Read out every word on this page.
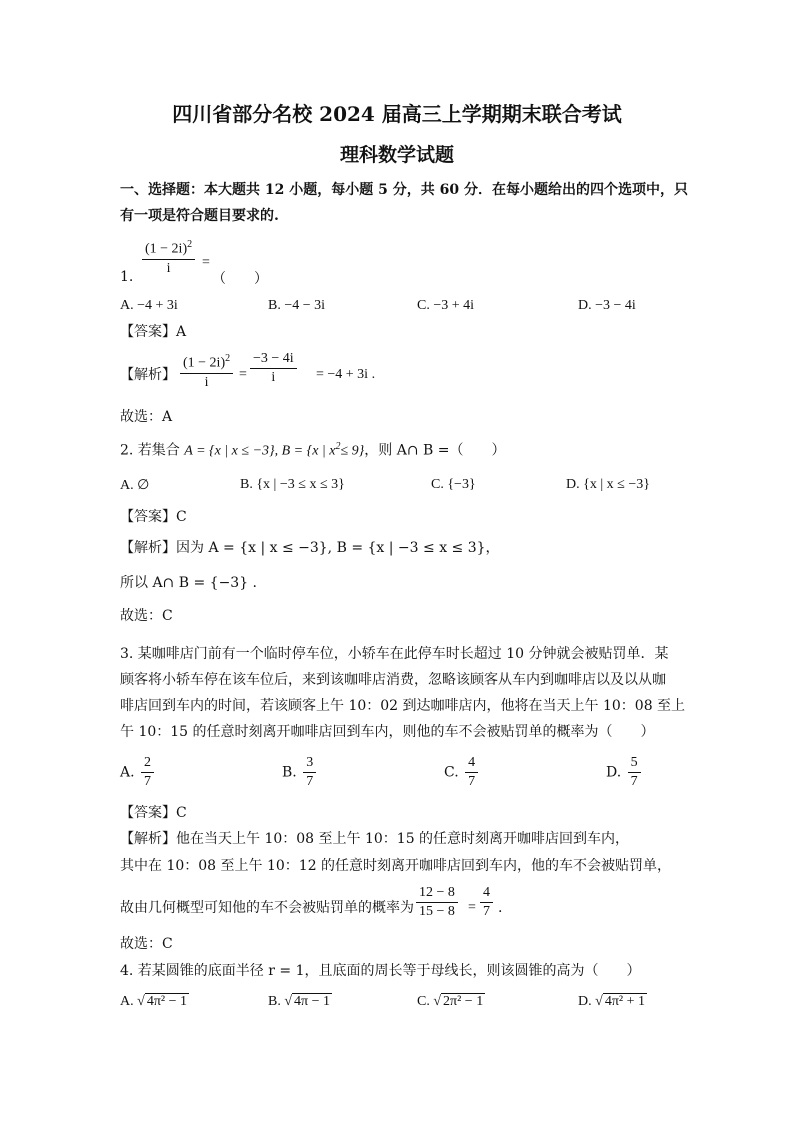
四川省部分名校 2024 届高三上学期期末联合考试
理科数学试题
一、选择题：本大题共 12 小题，每小题 5 分，共 60 分．在每小题给出的四个选项中，只
有一项是符合题目要求的.
1. $\frac{(1 - 2i)^2}{i}$ =
（　　）
A. −4 + 3i	B. −4 − 3i	C. −3 + 4i	D. −3 − 4i
【答案】A
【解析】 $\frac{(1 - 2i)^2}{i} = \frac{-3 - 4i}{i} = -4 + 3i$ .
故选：A
2. 若集合 A = {x | x ≤ −3}, B = {x | $x^2\le 9$}，则 A∩ B =（　　）
A. ∅	B. {x | −3 ≤ x ≤ 3}	C. {−3}	D. {x | x ≤ −3}
【答案】C
【解析】因为 A = {x | x ≤ −3}, B = {x | −3 ≤ x ≤ 3}，
所以 A∩ B = {−3} .
故选：C
3. 某咖啡店门前有一个临时停车位，小轿车在此停车时长超过 10 分钟就会被贴罚单．某
顾客将小轿车停在该车位后，来到该咖啡店消费，忽略该顾客从车内到咖啡店以及以从咖
啡店回到车内的时间，若该顾客上午 10：02 到达咖啡店内，他将在当天上午 10：08 至上
午 10：15 的任意时刻离开咖啡店回到车内，则他的车不会被贴罚单的概率为（　　）
A. $\frac{2}{7}$	B. $\frac{3}{7}$	C. $\frac{4}{7}$	D. $\frac{5}{7}$
【答案】C
【解析】他在当天上午 10：08 至上午 10：15 的任意时刻离开咖啡店回到车内，
其中在 10：08 至上午 10：12 的任意时刻离开咖啡店回到车内，他的车不会被贴罚单，
故由几何概型可知他的车不会被贴罚单的概率为 $\frac{12 - 8}{15 - 8} = \frac{4}{7}$ .
故选：C
4. 若某圆锥的底面半径 r = 1，且底面的周长等于母线长，则该圆锥的高为（　　）
A. √ 4π² − 1	B. √ 4π − 1	C. √ 2π² − 1	D. √ 4π² + 1
